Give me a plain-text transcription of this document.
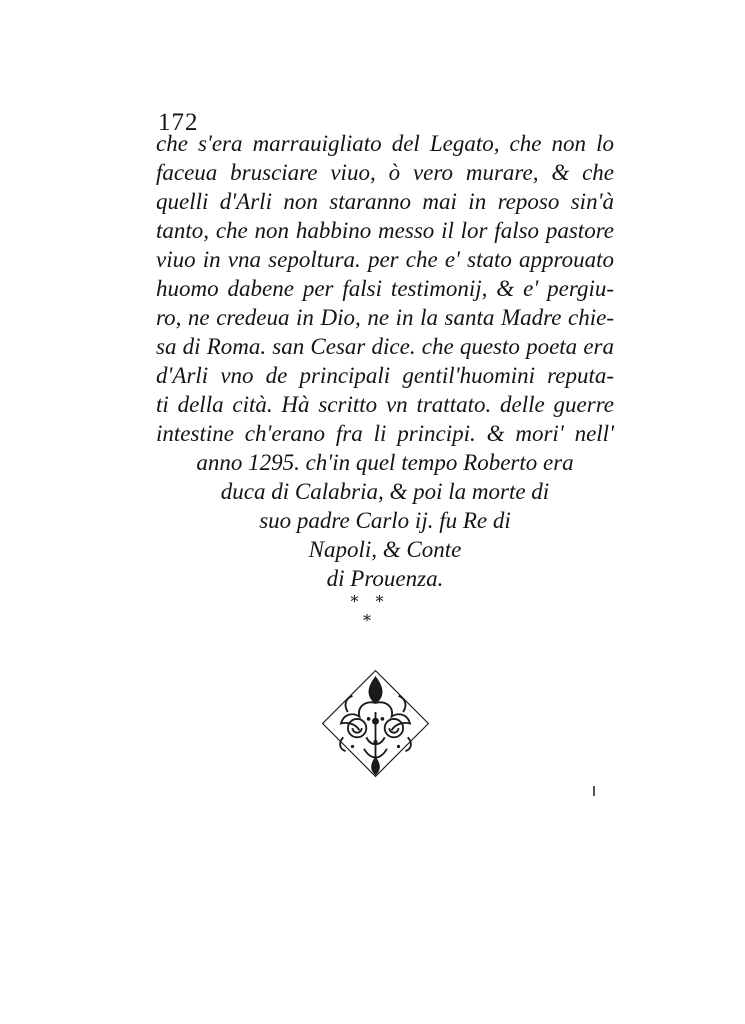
172
che s'era marrauigliato del Legato, che non lo
faceua brusciare viuo, ò vero murare, & che
quelli d'Arli non staranno mai in reposo sin'à
tanto, che non habbino messo il lor falso pastore
viuo in vna sepoltura. per che e' stato approuato
huomo dabene per falsi testimonij, & e' pergiu-
ro, ne credeua in Dio, ne in la santa Madre chie-
sa di Roma. san Cesar dice. che questo poeta era
d'Arli vno de principali gentil'huomini reputa-
ti della cità. Hà scritto vn trattato. delle guerre
intestine ch'erano fra li principi. & mori' nell'
anno 1295. ch'in quel tempo Roberto era
duca di Calabria, & poi la morte di
suo padre Carlo ij. fu Re di
Napoli, & Conte
di Prouenza.
* * *
